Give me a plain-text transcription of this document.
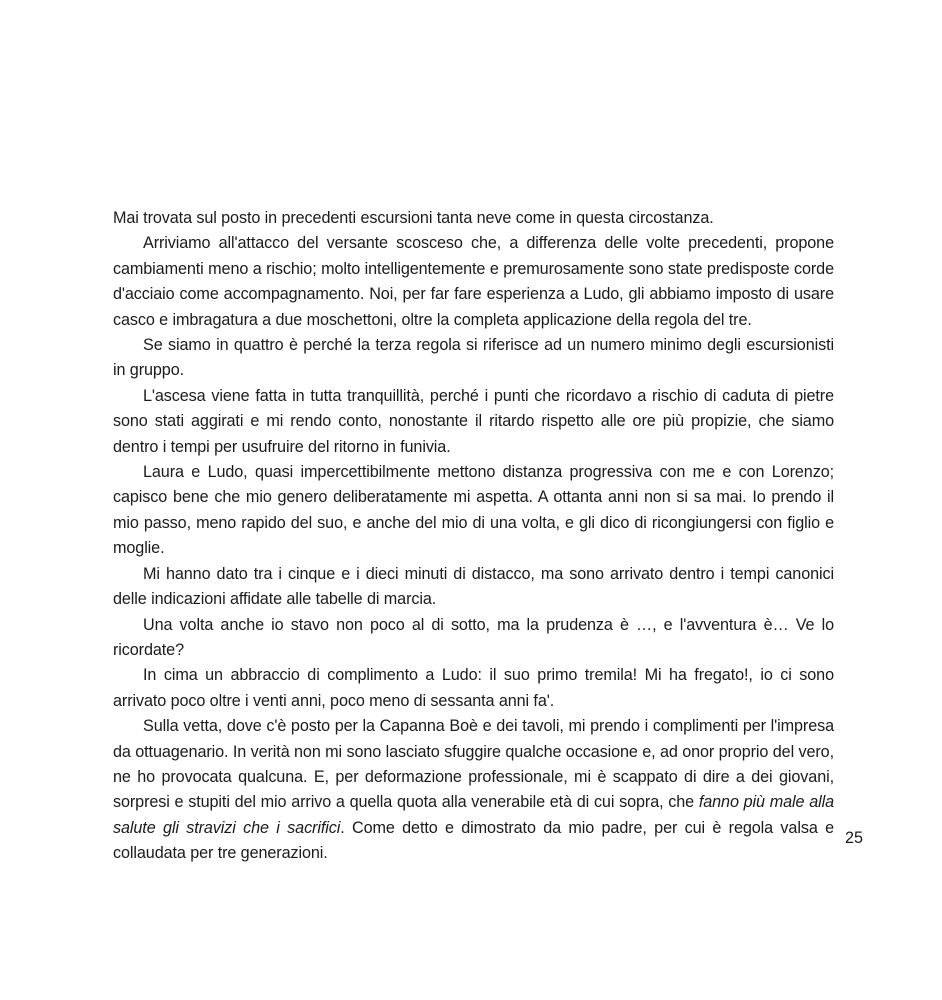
Mai trovata sul posto in precedenti escursioni tanta neve come in questa circostanza.

Arriviamo all'attacco del versante scosceso che, a differenza delle volte precedenti, propone cambiamenti meno a rischio; molto intelligentemente e premurosamente sono state predisposte corde d'acciaio come accompagnamento. Noi, per far fare esperienza a Ludo, gli abbiamo imposto di usare casco e imbragatura a due moschettoni, oltre la completa applicazione della regola del tre.

Se siamo in quattro è perché la terza regola si riferisce ad un numero minimo degli escursionisti in gruppo.

L'ascesa viene fatta in tutta tranquillità, perché i punti che ricordavo a rischio di caduta di pietre sono stati aggirati e mi rendo conto, nonostante il ritardo rispetto alle ore più propizie, che siamo dentro i tempi per usufruire del ritorno in funivia.

Laura e Ludo, quasi impercettibilmente mettono distanza progressiva con me e con Lorenzo; capisco bene che mio genero deliberatamente mi aspetta. A ottanta anni non si sa mai. Io prendo il mio passo, meno rapido del suo, e anche del mio di una volta, e gli dico di ricongiungersi con figlio e moglie.

Mi hanno dato tra i cinque e i dieci minuti di distacco, ma sono arrivato dentro i tempi canonici delle indicazioni affidate alle tabelle di marcia.

Una volta anche io stavo non poco al di sotto, ma la prudenza è …, e l'avventura è… Ve lo ricordate?

In cima un abbraccio di complimento a Ludo: il suo primo tremila! Mi ha fregato!, io ci sono arrivato poco oltre i venti anni, poco meno di sessanta anni fa'.

Sulla vetta, dove c'è posto per la Capanna Boè e dei tavoli, mi prendo i complimenti per l'impresa da ottuagenario. In verità non mi sono lasciato sfuggire qualche occasione e, ad onor proprio del vero, ne ho provocata qualcuna. E, per deformazione professionale, mi è scappato di dire a dei giovani, sorpresi e stupiti del mio arrivo a quella quota alla venerabile età di cui sopra, che fanno più male alla salute gli stravizi che i sacrifici. Come detto e dimostrato da mio padre, per cui è regola valsa e collaudata per tre generazioni.

25
